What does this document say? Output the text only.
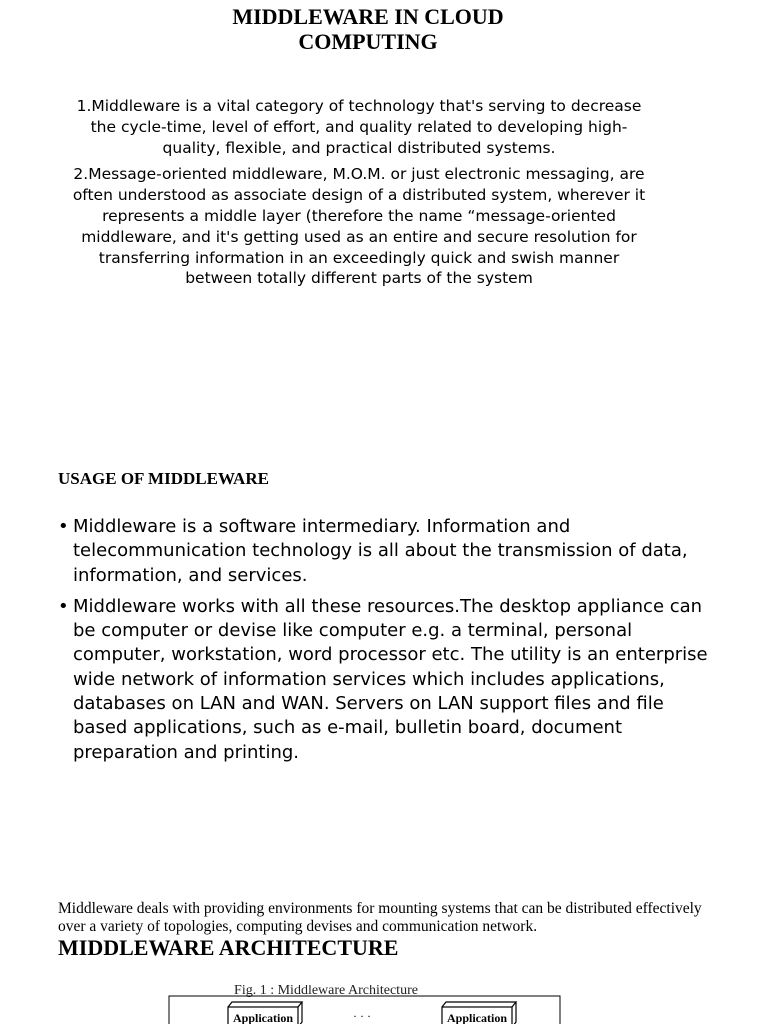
MIDDLEWARE IN CLOUD
COMPUTING

1.Middleware is a vital category of technology that's serving to decrease the cycle-time, level of effort, and quality related to developing high-quality, flexible, and practical distributed systems.

2.Message-oriented middleware, M.O.M. or just electronic messaging, are often understood as associate design of a distributed system, wherever it represents a middle layer (therefore the name “message-oriented middleware, and it's getting used as an entire and secure resolution for transferring information in an exceedingly quick and swish manner between totally different parts of the system

USAGE OF MIDDLEWARE
• Middleware is a software intermediary. Information and telecommunication technology is all about the transmission of data, information, and services.
• Middleware works with all these resources.The desktop appliance can be computer or devise like computer e.g. a terminal, personal computer, workstation, word processor etc. The utility is an enterprise wide network of information services which includes applications, databases on LAN and WAN. Servers on LAN support files and file based applications, such as e-mail, bulletin board, document preparation and printing.

Middleware deals with providing environments for mounting systems that can be distributed effectively over a variety of topologies, computing devises and communication network.

MIDDLEWARE ARCHITECTURE
Fig. 1 : Middleware Architecture
Application	· · ·	Application
